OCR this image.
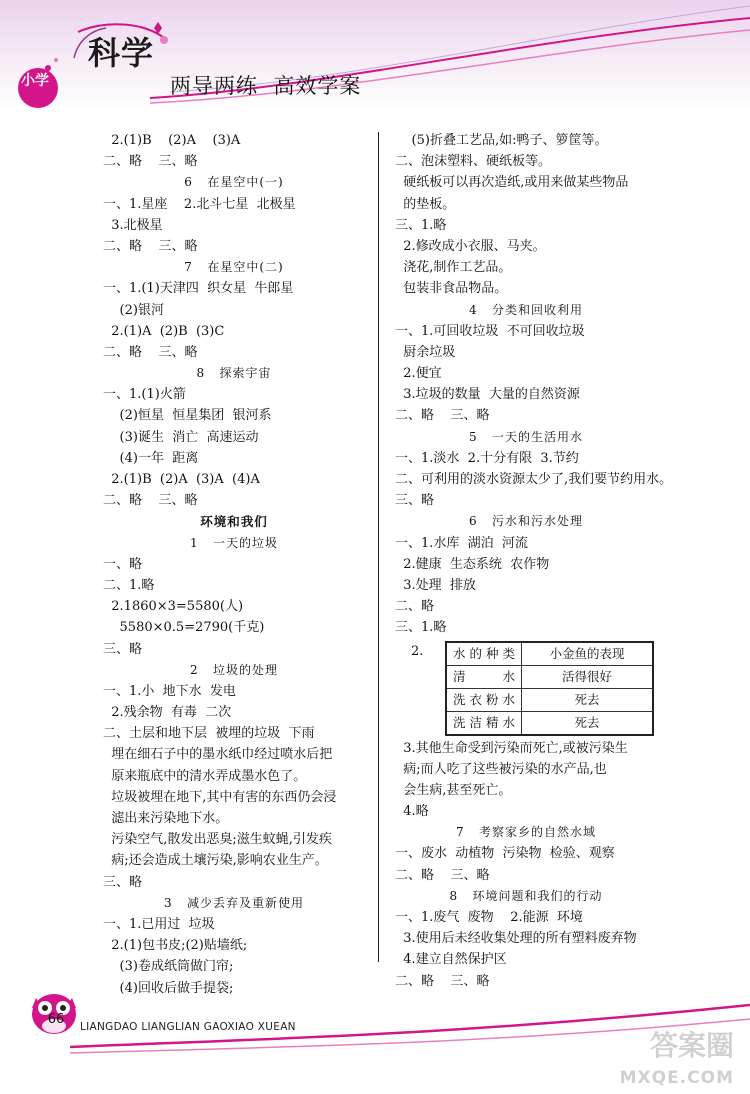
科学
小学	两导两练  高效学案
2.(1)B    (2)A    (3)A
二、略    三、略
6   在星空中(一)
一、1.星座    2.北斗七星  北极星
3.北极星
二、略    三、略
7   在星空中(二)
一、1.(1)天津四  织女星  牛郎星
(2)银河
2.(1)A  (2)B  (3)C
二、略    三、略
8   探索宇宙
一、1.(1)火箭
(2)恒星  恒星集团  银河系
(3)诞生  消亡  高速运动
(4)一年  距离
2.(1)B  (2)A  (3)A  (4)A
二、略    三、略
环境和我们
1   一天的垃圾
一、略
二、1.略
2.1860×3=5580(人)
5580×0.5=2790(千克)
三、略
2   垃圾的处理
一、1.小  地下水  发电
2.残余物  有毒  二次
二、土层和地下层  被埋的垃圾  下雨
埋在细石子中的墨水纸巾经过喷水后把
原来瓶底中的清水弄成墨水色了。
垃圾被埋在地下,其中有害的东西仍会浸
滤出来污染地下水。
污染空气,散发出恶臭;滋生蚊蝇,引发疾
病;还会造成土壤污染,影响农业生产。
三、略
3   减少丢弃及重新使用
一、1.已用过  垃圾
2.(1)包书皮;(2)贴墙纸;
(3)卷成纸筒做门帘;
(4)回收后做手提袋;
(5)折叠工艺品,如:鸭子、箩筐等。
二、泡沫塑料、硬纸板等。
硬纸板可以再次造纸,或用来做某些物品
的垫板。
三、1.略
2.修改成小衣服、马夹。
浇花,制作工艺品。
包装非食品物品。
4   分类和回收利用
一、1.可回收垃圾  不可回收垃圾
厨余垃圾
2.便宜
3.垃圾的数量  大量的自然资源
二、略    三、略
5   一天的生活用水
一、1.淡水  2.十分有限  3.节约
二、可利用的淡水资源太少了,我们要节约用水。
三、略
6   污水和污水处理
一、1.水库  湖泊  河流
2.健康  生态系统  农作物
3.处理  排放
二、略
三、1.略
2.	水的种类	小金鱼的表现
清水	活得很好
洗衣粉水	死去
洗洁精水	死去
3.其他生命受到污染而死亡,或被污染生
病;而人吃了这些被污染的水产品,也
会生病,甚至死亡。
4.略
7   考察家乡的自然水域
一、废水  动植物  污染物  检验、观察
二、略    三、略
8   环境问题和我们的行动
一、1.废气  废物    2.能源  环境
3.使用后未经收集处理的所有塑料废弃物
4.建立自然保护区
二、略    三、略
66	LIANGDAO LIANGLIAN GAOXIAO XUEAN
答案圈
MXQE.COM
